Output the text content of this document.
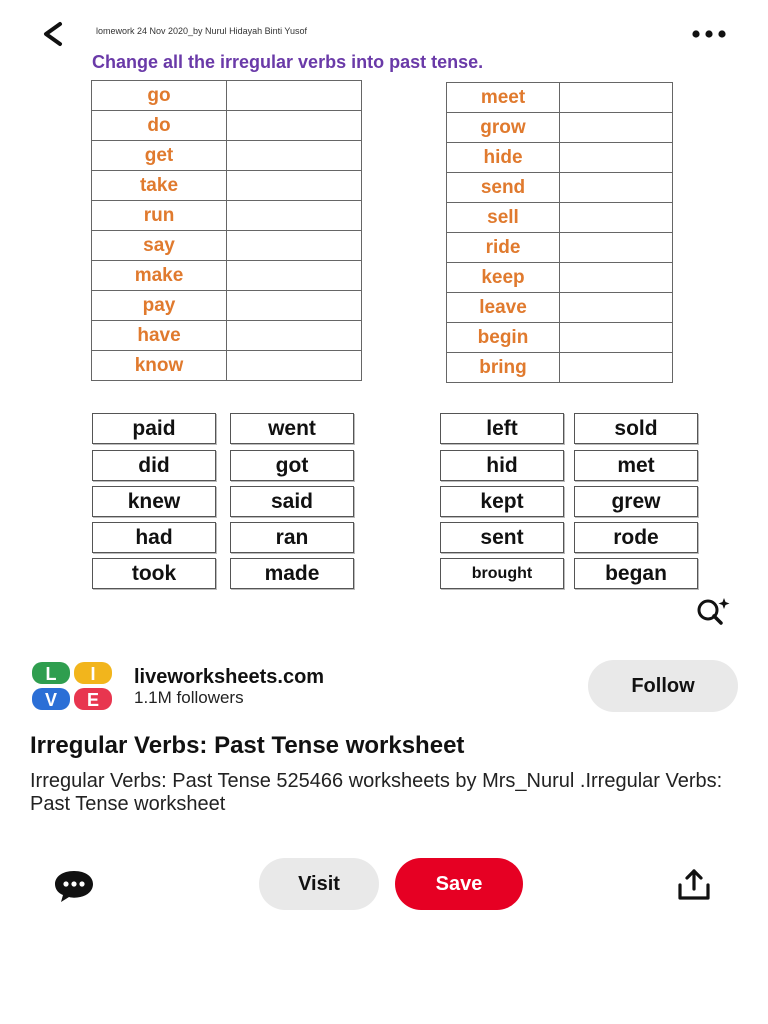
lomework 24 Nov 2020_by Nurul Hidayah Binti Yusof
Change all the irregular verbs into past tense.
go	
do	
get	
take	
run	
say	
make	
pay	
have	
know	
meet	
grow	
hide	
send	
sell	
ride	
keep	
leave	
begin	
bring	
paid	went
did	got
knew	said
had	ran
took	made
left	sold
hid	met
kept	grew
sent	rode
brought	began
L I
V E
liveworksheets.com
1.1M followers
Follow
Irregular Verbs: Past Tense worksheet
Irregular Verbs: Past Tense 525466 worksheets by Mrs_Nurul .Irregular Verbs: Past Tense worksheet
Visit	Save
